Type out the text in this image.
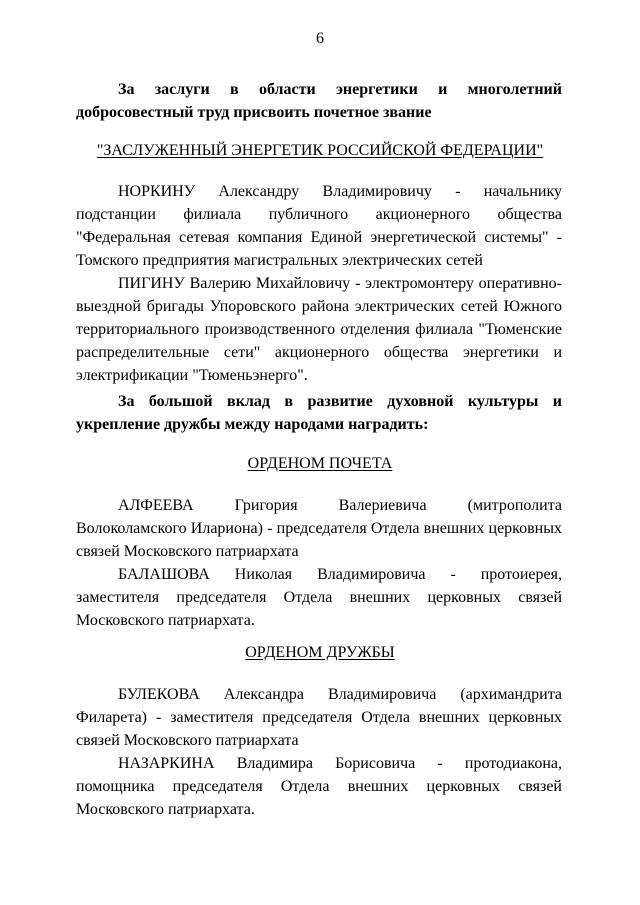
6
За заслуги в области энергетики и многолетний добросовестный труд присвоить почетное звание
"ЗАСЛУЖЕННЫЙ ЭНЕРГЕТИК РОССИЙСКОЙ ФЕДЕРАЦИИ"

НОРКИНУ Александру Владимировичу - начальнику подстанции филиала публичного акционерного общества "Федеральная сетевая компания Единой энергетической системы" - Томского предприятия магистральных электрических сетей

ПИГИНУ Валерию Михайловичу - электромонтеру оперативно-выездной бригады Упоровского района электрических сетей Южного территориального производственного отделения филиала "Тюменские распределительные сети" акционерного общества энергетики и электрификации "Тюменьэнерго".

За большой вклад в развитие духовной культуры и укрепление дружбы между народами наградить:
ОРДЕНОМ ПОЧЕТА

АЛФЕЕВА Григория Валериевича (митрополита Волоколамского Илариона) - председателя Отдела внешних церковных связей Московского патриархата

БАЛАШОВА Николая Владимировича - протоиерея, заместителя председателя Отдела внешних церковных связей Московского патриархата.

ОРДЕНОМ ДРУЖБЫ

БУЛЕКОВА Александра Владимировича (архимандрита Филарета) - заместителя председателя Отдела внешних церковных связей Московского патриархата

НАЗАРКИНА Владимира Борисовича - протодиакона, помощника председателя Отдела внешних церковных связей Московского патриархата.
